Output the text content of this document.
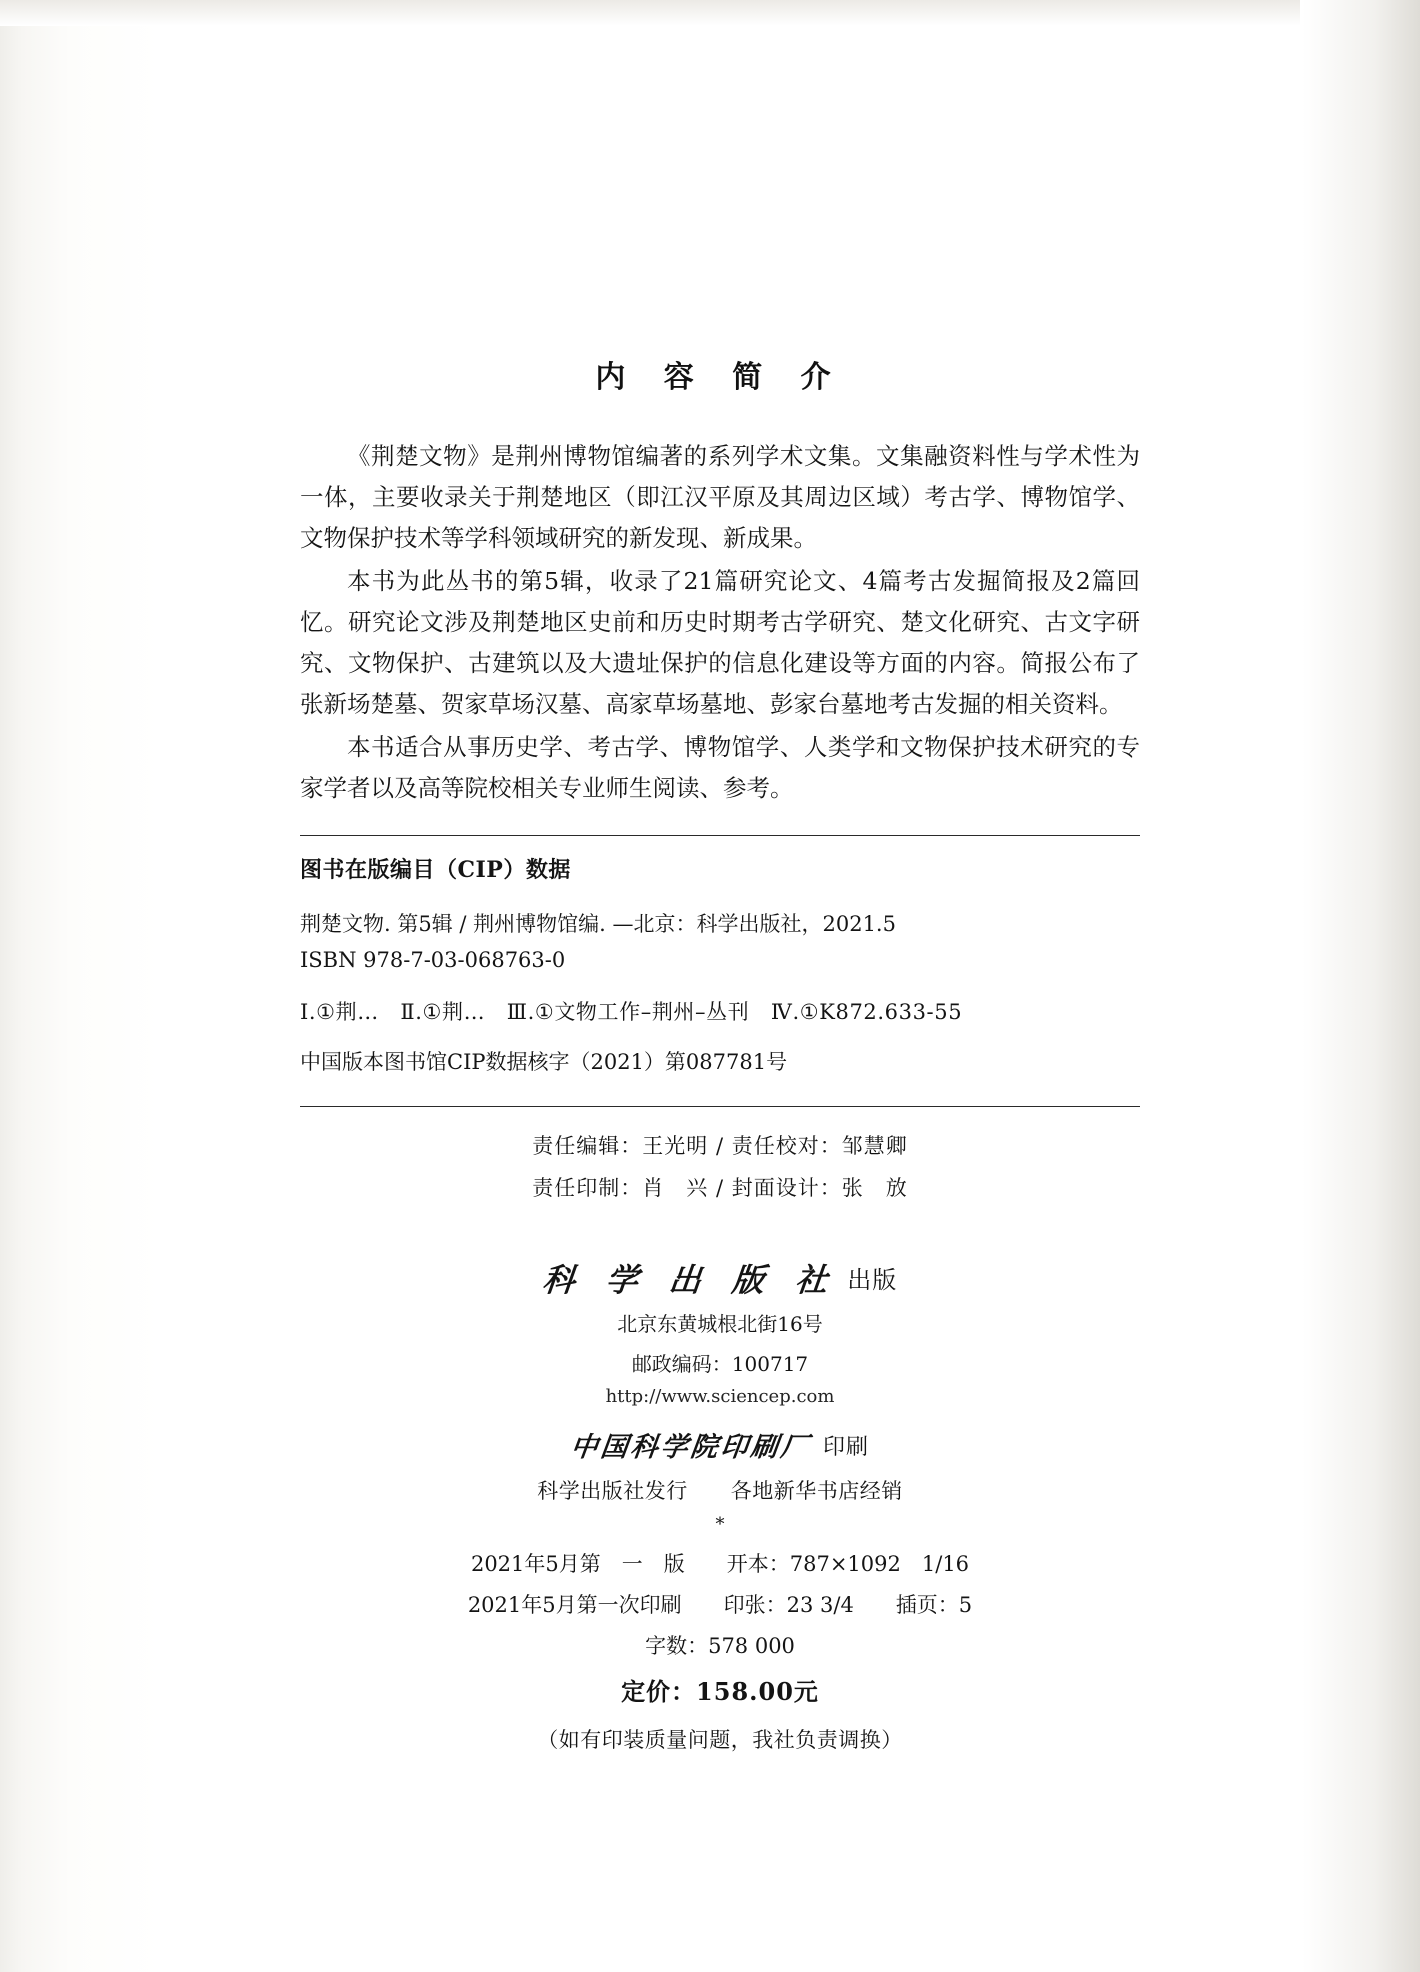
内 容 简 介

《荆楚文物》是荆州博物馆编著的系列学术文集。文集融资料性与学术性为一体，主要收录关于荆楚地区（即江汉平原及其周边区域）考古学、博物馆学、文物保护技术等学科领域研究的新发现、新成果。

本书为此丛书的第5辑，收录了21篇研究论文、4篇考古发掘简报及2篇回忆。研究论文涉及荆楚地区史前和历史时期考古学研究、楚文化研究、古文字研究、文物保护、古建筑以及大遗址保护的信息化建设等方面的内容。简报公布了张新场楚墓、贺家草场汉墓、高家草场墓地、彭家台墓地考古发掘的相关资料。

本书适合从事历史学、考古学、博物馆学、人类学和文物保护技术研究的专家学者以及高等院校相关专业师生阅读、参考。

图书在版编目（CIP）数据
荆楚文物. 第5辑 / 荆州博物馆编. —北京：科学出版社，2021.5
ISBN 978-7-03-068763-0
Ⅰ.①荆…　Ⅱ.①荆…　Ⅲ.①文物工作–荆州–丛刊　Ⅳ.①K872.633-55
中国版本图书馆CIP数据核字（2021）第087781号
责任编辑：王光明 / 责任校对：邹慧卿
责任印制：肖　兴 / 封面设计：张　放
科 学 出 版 社 出版
北京东黄城根北街16号
邮政编码：100717
http://www.sciencep.com
中国科学院印刷厂 印刷
科学出版社发行　　各地新华书店经销
*
2021年5月第　一　版　　开本：787×1092　1/16
2021年5月第一次印刷　　印张：23 3/4　　插页：5
字数：578 000
定价：158.00元
（如有印装质量问题，我社负责调换）
